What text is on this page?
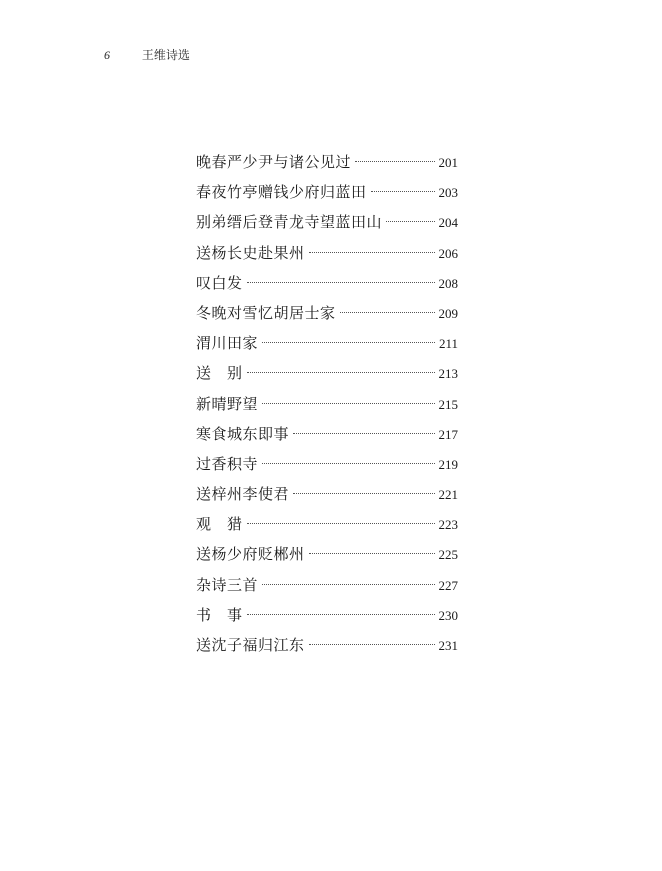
6	王维诗选
晚春严少尹与诸公见过	201
春夜竹亭赠钱少府归蓝田	203
别弟缙后登青龙寺望蓝田山	204
送杨长史赴果州	206
叹白发	208
冬晚对雪忆胡居士家	209
渭川田家	211
送　别	213
新晴野望	215
寒食城东即事	217
过香积寺	219
送梓州李使君	221
观　猎	223
送杨少府贬郴州	225
杂诗三首	227
书　事	230
送沈子福归江东	231
